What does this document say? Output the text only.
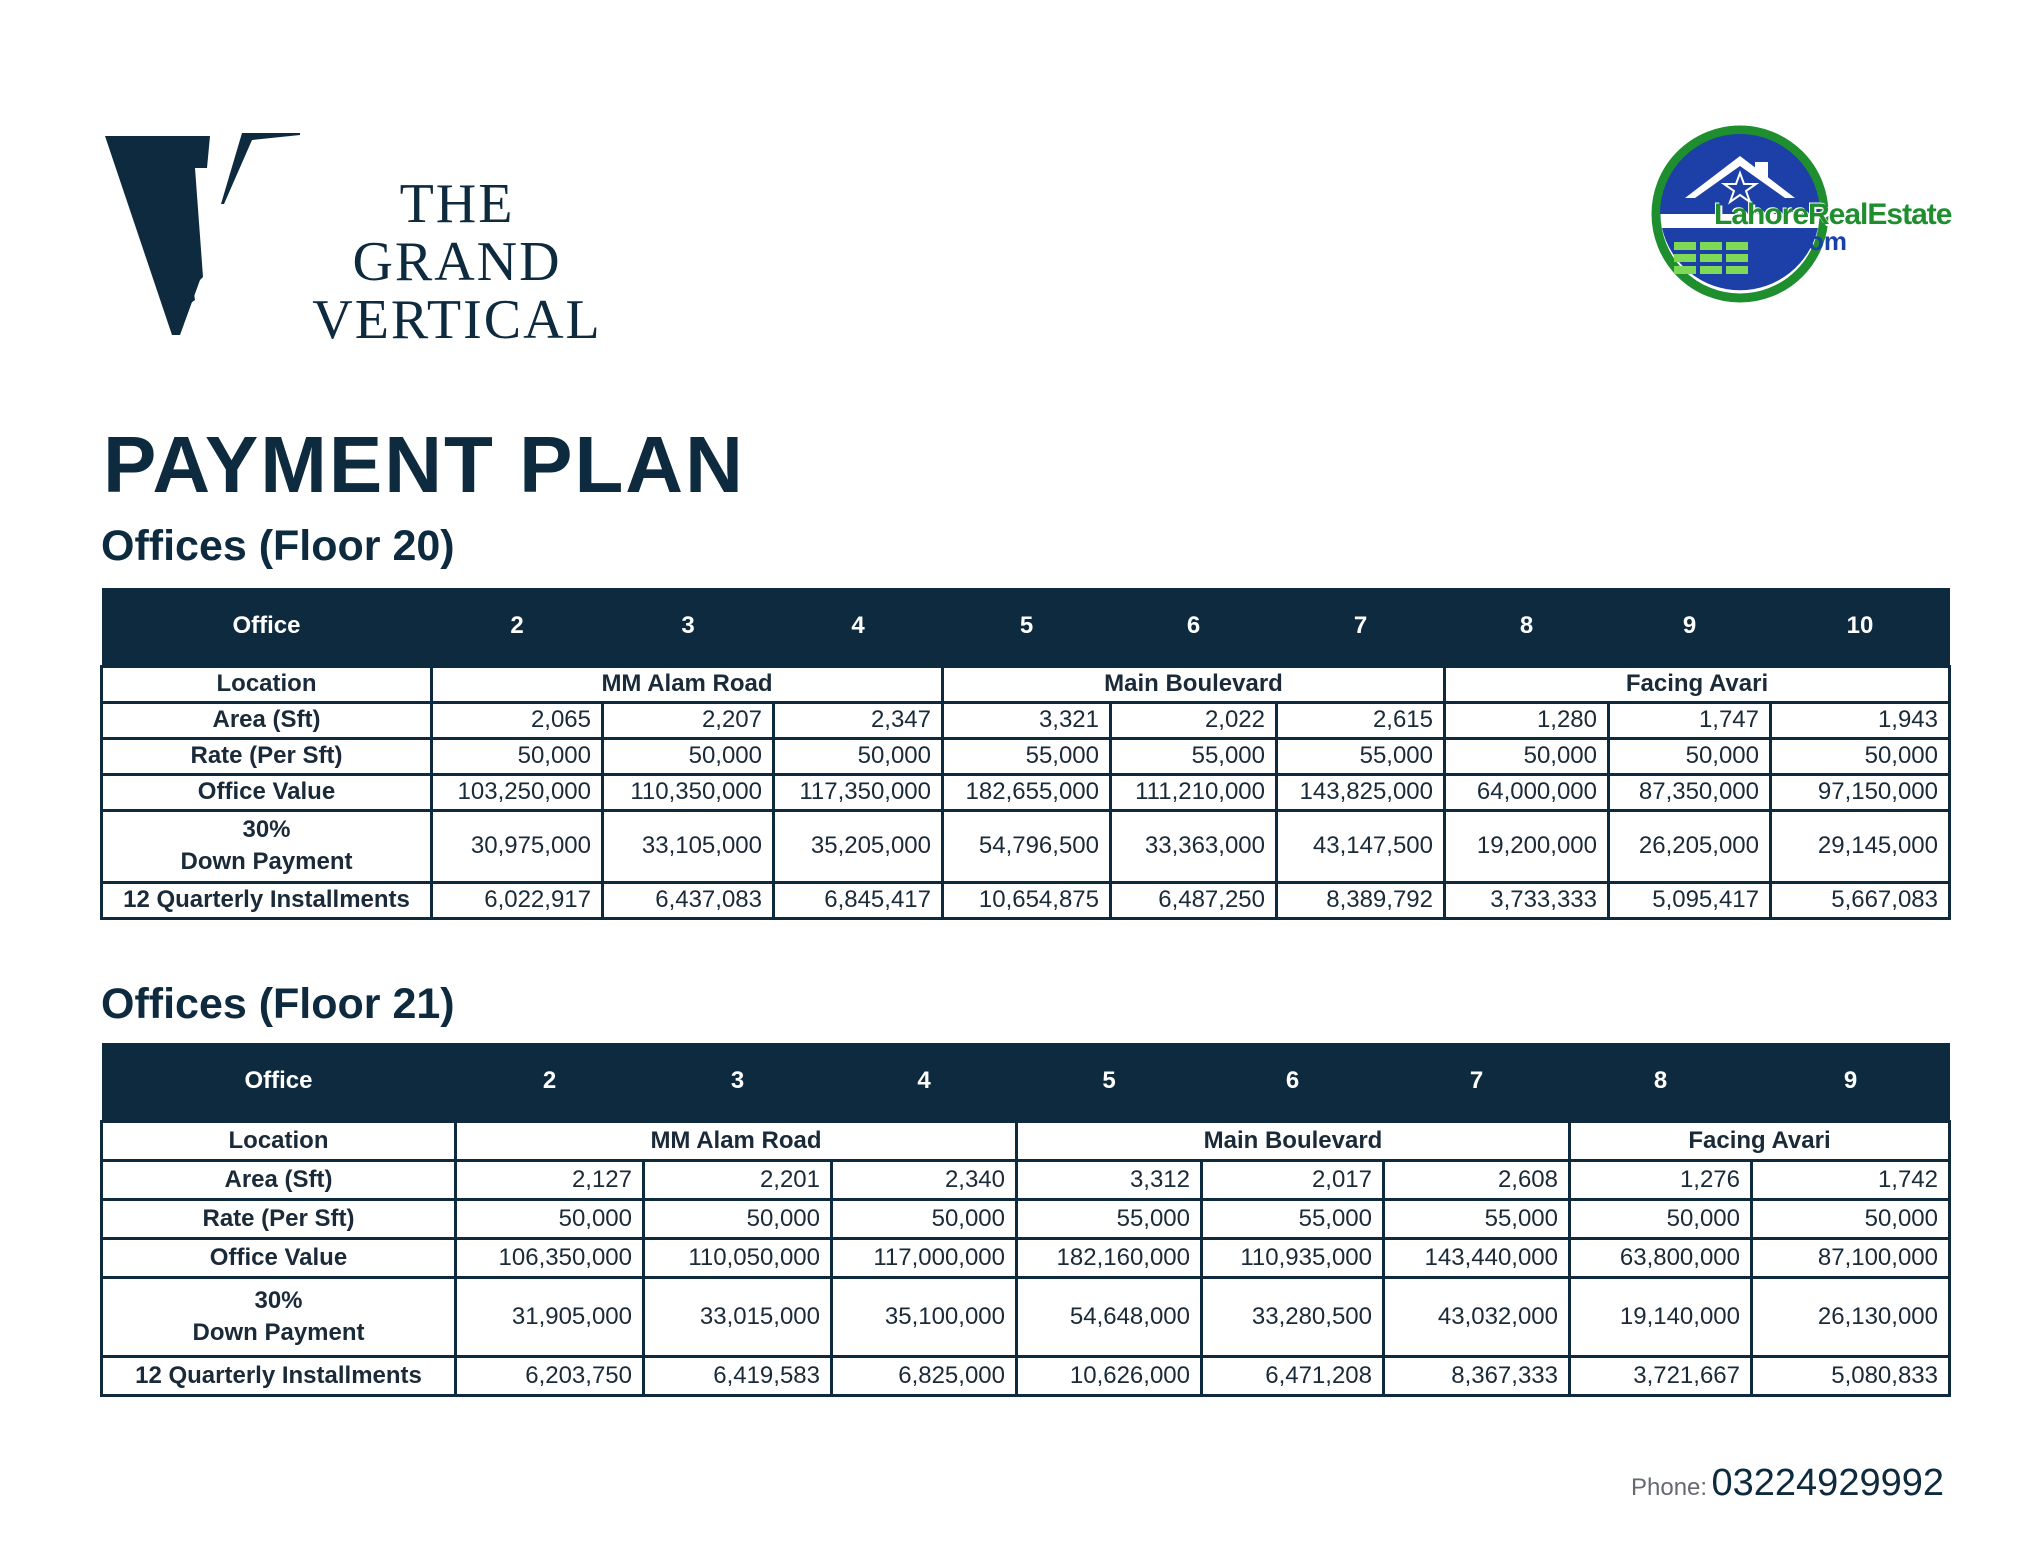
THE GRAND
VERTICAL
LahoreRealEstate
.Com
PAYMENT PLAN
Offices (Floor 20)
Office	2	3	4	5	6	7	8	9	10
Location	MM Alam Road			Main Boulevard			Facing Avari		
Area (Sft)	2,065	2,207	2,347	3,321	2,022	2,615	1,280	1,747	1,943
Rate (Per Sft)	50,000	50,000	50,000	55,000	55,000	55,000	50,000	50,000	50,000
Office Value	103,250,000	110,350,000	117,350,000	182,655,000	111,210,000	143,825,000	64,000,000	87,350,000	97,150,000

30%
Down Payment	30,975,000	33,105,000	35,205,000	54,796,500	33,363,000	43,147,500	19,200,000	26,205,000	29,145,000
12 Quarterly Installments	6,022,917	6,437,083	6,845,417	10,654,875	6,487,250	8,389,792	3,733,333	5,095,417	5,667,083
Offices (Floor 21)
Office	2	3	4	5	6	7	8	9
Location	MM Alam Road			Main Boulevard			Facing Avari	
Area (Sft)	2,127	2,201	2,340	3,312	2,017	2,608	1,276	1,742
Rate (Per Sft)	50,000	50,000	50,000	55,000	55,000	55,000	50,000	50,000
Office Value	106,350,000	110,050,000	117,000,000	182,160,000	110,935,000	143,440,000	63,800,000	87,100,000

30%
Down Payment	31,905,000	33,015,000	35,100,000	54,648,000	33,280,500	43,032,000	19,140,000	26,130,000
12 Quarterly Installments	6,203,750	6,419,583	6,825,000	10,626,000	6,471,208	8,367,333	3,721,667	5,080,833
Phone: 03224929992
